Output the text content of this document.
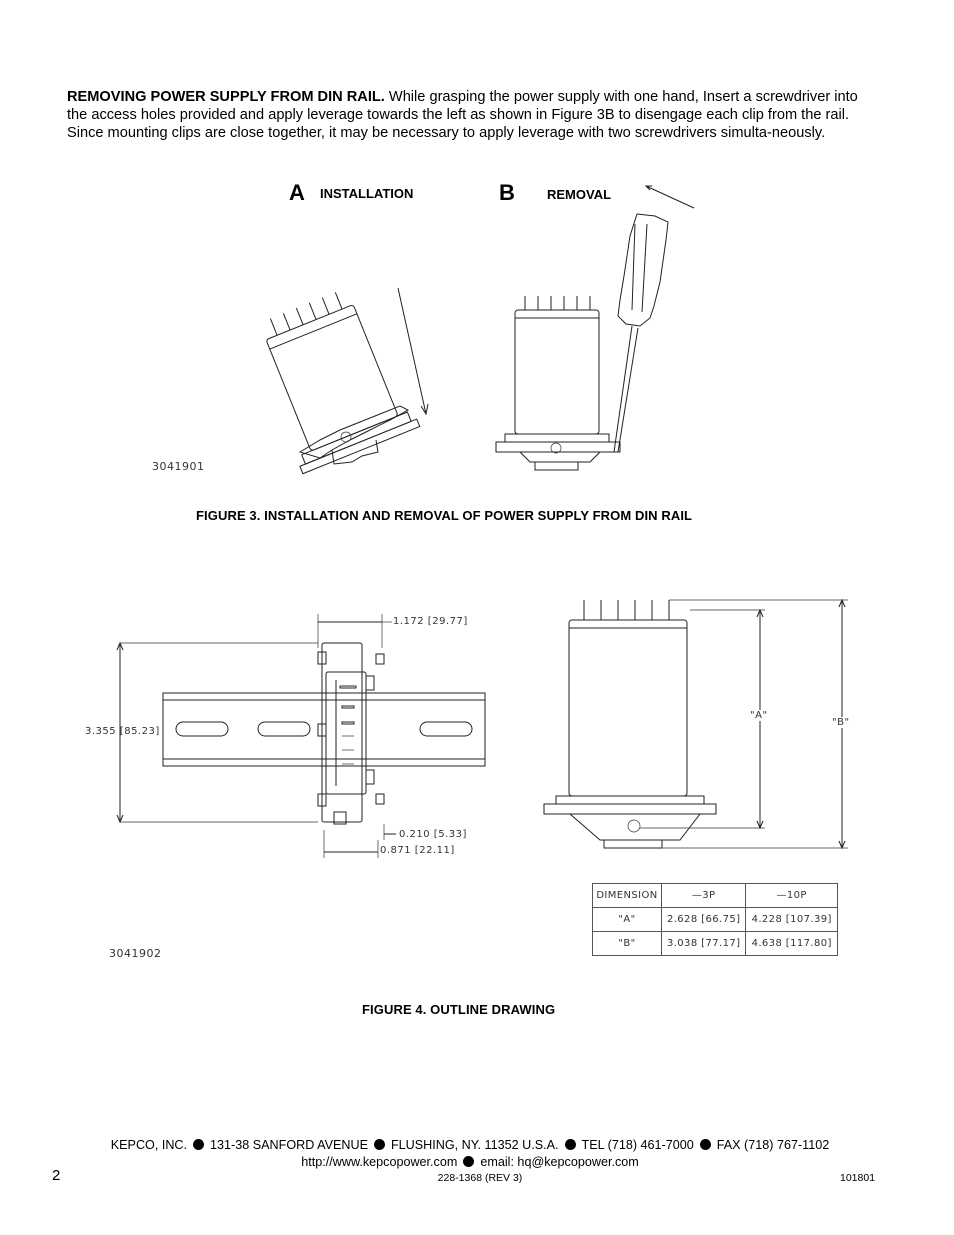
REMOVING POWER SUPPLY FROM DIN RAIL. While grasping the power supply with one hand, Insert a screwdriver into the access holes provided and apply leverage towards the left as shown in Figure 3B to disengage each clip from the rail. Since mounting clips are close together, it may be necessary to apply leverage with two screwdrivers simulta-neously.
A INSTALLATION	B REMOVAL
3041901
FIGURE 3. INSTALLATION AND REMOVAL OF POWER SUPPLY FROM DIN RAIL
1.172 [29.77]
3.355 [85.23]
0.210 [5.33]
0.871 [22.11]
"A"
"B"
3041902
DIMENSION	—3P	—10P
"A"	2.628 [66.75]	4.228 [107.39]
"B"	3.038 [77.17]	4.638 [117.80]
FIGURE 4. OUTLINE DRAWING
KEPCO, INC. 131-38 SANFORD AVENUE FLUSHING, NY. 11352 U.S.A. TEL (718) 461-7000 FAX (718) 767-1102
http://www.kepcopower.com email: hq@kepcopower.com
2	228-1368 (REV 3)	101801
